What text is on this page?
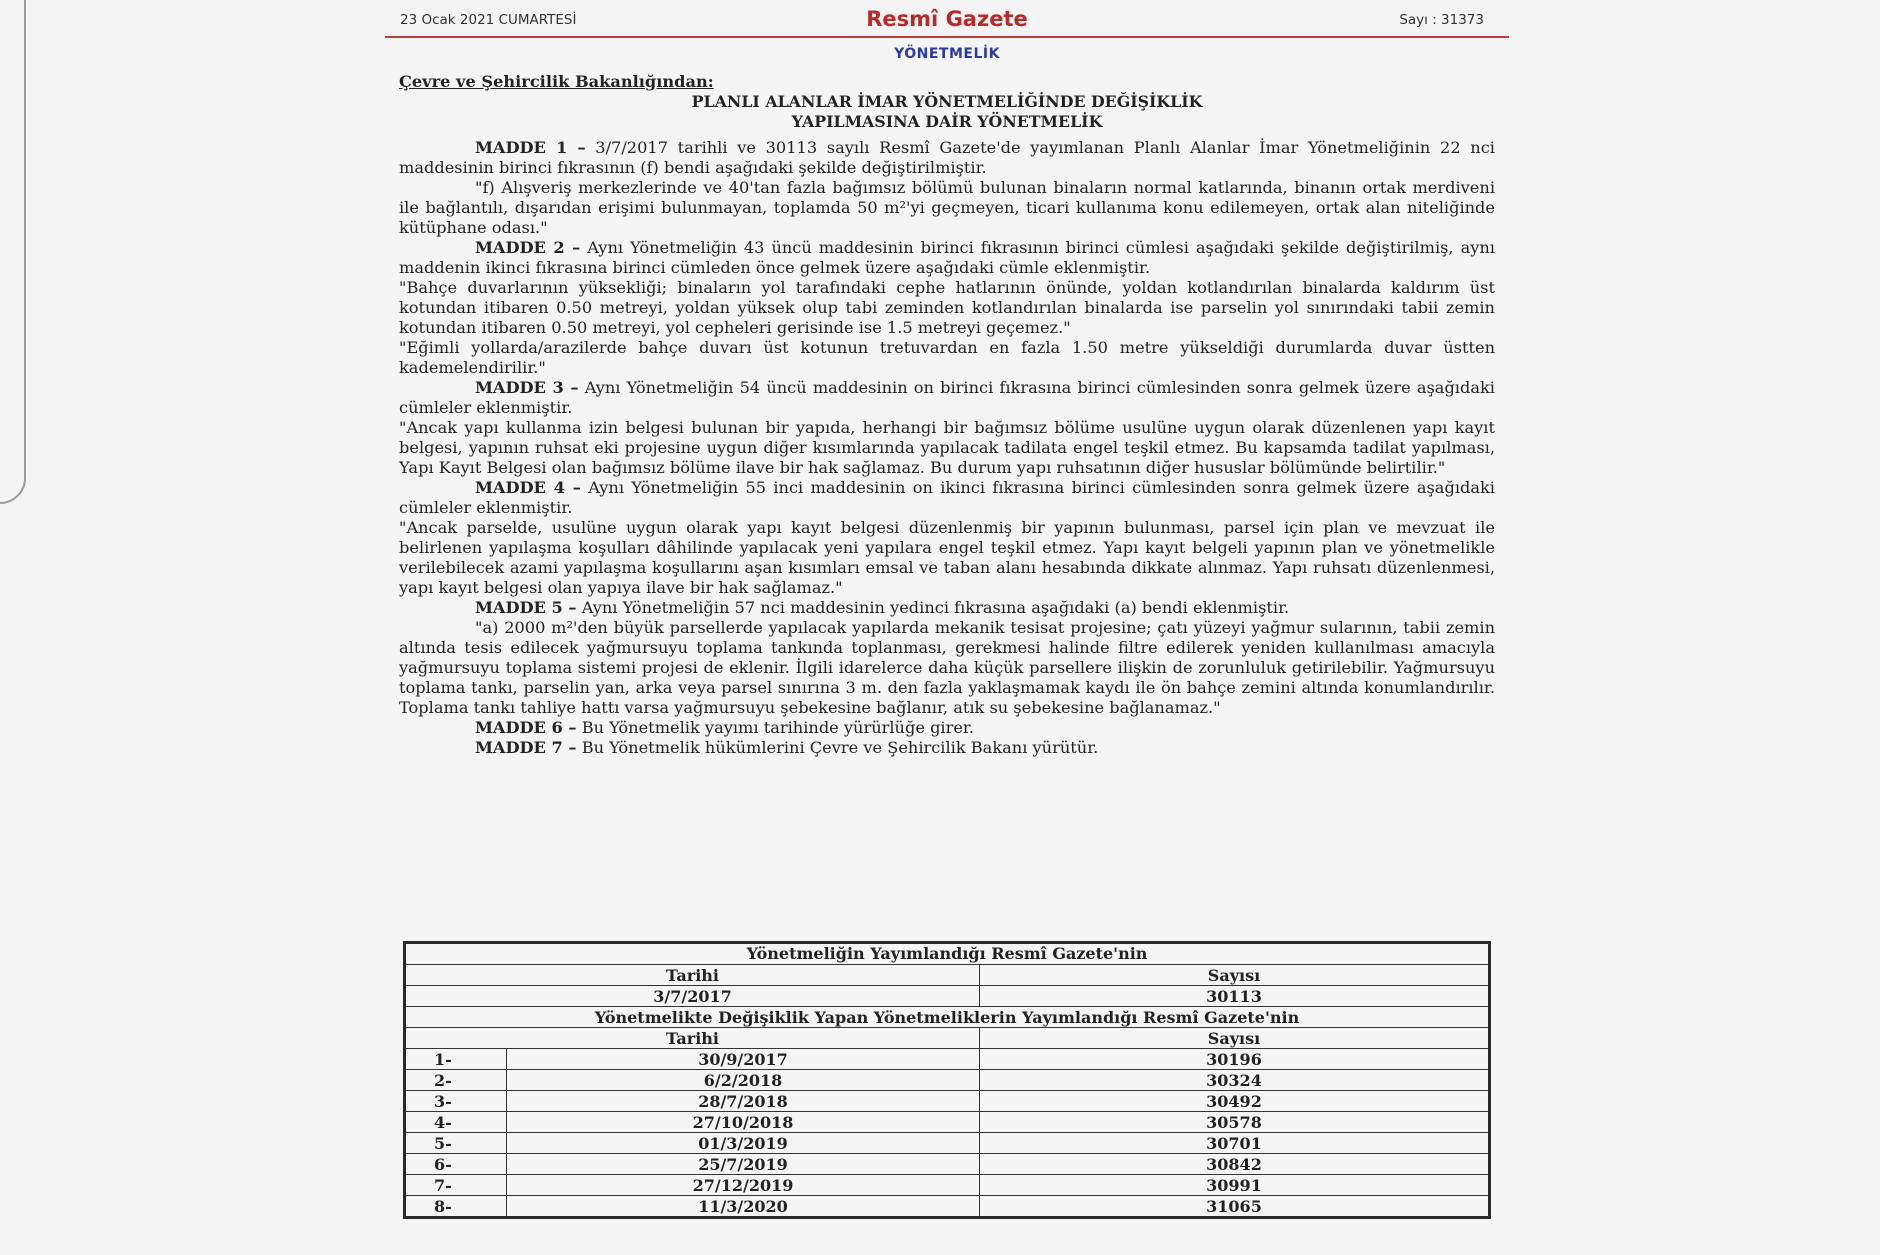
23 Ocak 2021 CUMARTESİ	Resmî Gazete	Sayı : 31373
YÖNETMELİK

Çevre ve Şehircilik Bakanlığından:

PLANLI ALANLAR İMAR YÖNETMELİĞİNDE DEĞİŞİKLİK
YAPILMASINA DAİR YÖNETMELİK

MADDE 1 – 3/7/2017 tarihli ve 30113 sayılı Resmî Gazete'de yayımlanan Planlı Alanlar İmar Yönetmeliğinin 22 nci maddesinin birinci fıkrasının (f) bendi aşağıdaki şekilde değiştirilmiştir.

"f) Alışveriş merkezlerinde ve 40'tan fazla bağımsız bölümü bulunan binaların normal katlarında, binanın ortak merdiveni ile bağlantılı, dışarıdan erişimi bulunmayan, toplamda 50 m²'yi geçmeyen, ticari kullanıma konu edilemeyen, ortak alan niteliğinde kütüphane odası."

MADDE 2 – Aynı Yönetmeliğin 43 üncü maddesinin birinci fıkrasının birinci cümlesi aşağıdaki şekilde değiştirilmiş, aynı maddenin ikinci fıkrasına birinci cümleden önce gelmek üzere aşağıdaki cümle eklenmiştir.

"Bahçe duvarlarının yüksekliği; binaların yol tarafındaki cephe hatlarının önünde, yoldan kotlandırılan binalarda kaldırım üst kotundan itibaren 0.50 metreyi, yoldan yüksek olup tabi zeminden kotlandırılan binalarda ise parselin yol sınırındaki tabii zemin kotundan itibaren 0.50 metreyi, yol cepheleri gerisinde ise 1.5 metreyi geçemez."

"Eğimli yollarda/arazilerde bahçe duvarı üst kotunun tretuvardan en fazla 1.50 metre yükseldiği durumlarda duvar üstten kademelendirilir."

MADDE 3 – Aynı Yönetmeliğin 54 üncü maddesinin on birinci fıkrasına birinci cümlesinden sonra gelmek üzere aşağıdaki cümleler eklenmiştir.

"Ancak yapı kullanma izin belgesi bulunan bir yapıda, herhangi bir bağımsız bölüme usulüne uygun olarak düzenlenen yapı kayıt belgesi, yapının ruhsat eki projesine uygun diğer kısımlarında yapılacak tadilata engel teşkil etmez. Bu kapsamda tadilat yapılması, Yapı Kayıt Belgesi olan bağımsız bölüme ilave bir hak sağlamaz. Bu durum yapı ruhsatının diğer hususlar bölümünde belirtilir."

MADDE 4 – Aynı Yönetmeliğin 55 inci maddesinin on ikinci fıkrasına birinci cümlesinden sonra gelmek üzere aşağıdaki cümleler eklenmiştir.

"Ancak parselde, usulüne uygun olarak yapı kayıt belgesi düzenlenmiş bir yapının bulunması, parsel için plan ve mevzuat ile belirlenen yapılaşma koşulları dâhilinde yapılacak yeni yapılara engel teşkil etmez. Yapı kayıt belgeli yapının plan ve yönetmelikle verilebilecek azami yapılaşma koşullarını aşan kısımları emsal ve taban alanı hesabında dikkate alınmaz. Yapı ruhsatı düzenlenmesi, yapı kayıt belgesi olan yapıya ilave bir hak sağlamaz."

MADDE 5 – Aynı Yönetmeliğin 57 nci maddesinin yedinci fıkrasına aşağıdaki (a) bendi eklenmiştir.

"a) 2000 m²'den büyük parsellerde yapılacak yapılarda mekanik tesisat projesine; çatı yüzeyi yağmur sularının, tabii zemin altında tesis edilecek yağmursuyu toplama tankında toplanması, gerekmesi halinde filtre edilerek yeniden kullanılması amacıyla yağmursuyu toplama sistemi projesi de eklenir. İlgili idarelerce daha küçük parsellere ilişkin de zorunluluk getirilebilir. Yağmursuyu toplama tankı, parselin yan, arka veya parsel sınırına 3 m. den fazla yaklaşmamak kaydı ile ön bahçe zemini altında konumlandırılır. Toplama tankı tahliye hattı varsa yağmursuyu şebekesine bağlanır, atık su şebekesine bağlanamaz."

MADDE 6 – Bu Yönetmelik yayımı tarihinde yürürlüğe girer.

MADDE 7 – Bu Yönetmelik hükümlerini Çevre ve Şehircilik Bakanı yürütür.

Yönetmeliğin Yayımlandığı Resmî Gazete'nin		

Tarihi		Sayısı
3/7/2017		30113
Yönetmelikte Değişiklik Yapan Yönetmeliklerin Yayımlandığı Resmî Gazete'nin		
Tarihi		Sayısı
1-	30/9/2017	30196
2-	6/2/2018	30324
3-	28/7/2018	30492
4-	27/10/2018	30578
5-	01/3/2019	30701
6-	25/7/2019	30842
7-	27/12/2019	30991
8-	11/3/2020	31065
